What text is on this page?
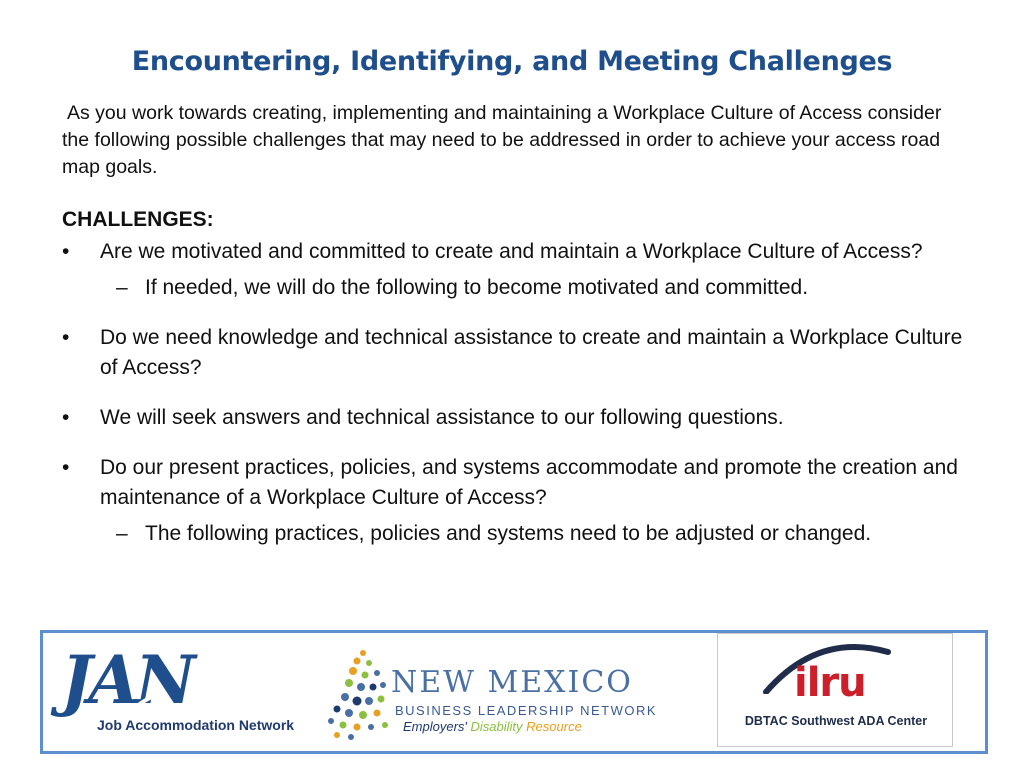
Encountering, Identifying, and Meeting Challenges
As you work towards creating, implementing and maintaining a Workplace Culture of Access consider the following possible challenges that may need to be addressed in order to achieve your access road map goals.
CHALLENGES:
• Are we motivated and committed to create and maintain a Workplace Culture of Access?
– If needed, we will do the following to become motivated and committed.
• Do we need knowledge and technical assistance to create and maintain a Workplace Culture of Access?
• We will seek answers and technical assistance to our following questions.
• Do our present practices, policies, and systems accommodate and promote the creation and maintenance of a Workplace Culture of Access?
– The following practices, policies and systems need to be adjusted or changed.
JAN
Job Accommodation Network
NEW MEXICO
BUSINESS LEADERSHIP NETWORK
Employers' Disability Resource
ilru
DBTAC Southwest ADA Center
